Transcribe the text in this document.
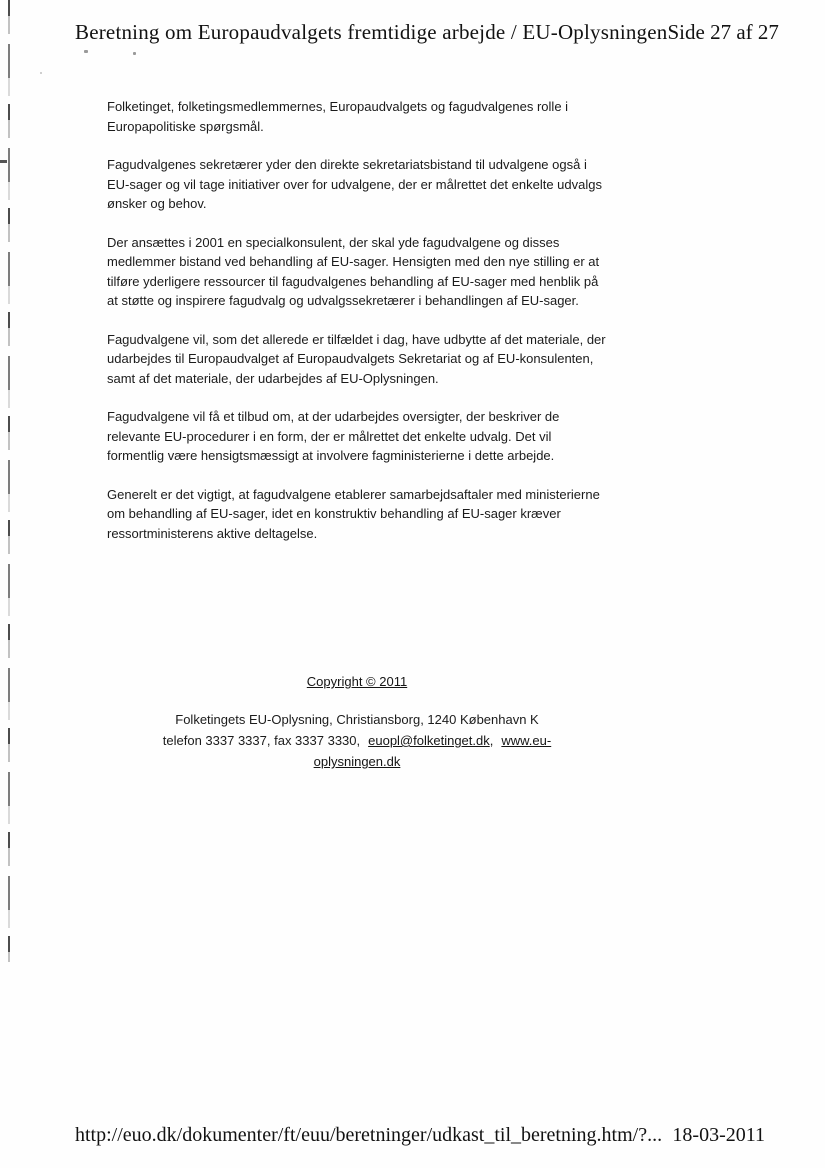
Beretning om Europaudvalgets fremtidige arbejde / EU-Oplysningen Side 27 af 27

Folketinget, folketingsmedlemmernes, Europaudvalgets og fagudvalgenes rolle i Europapolitiske spørgsmål.

Fagudvalgenes sekretærer yder den direkte sekretariatsbistand til udvalgene også i EU-sager og vil tage initiativer over for udvalgene, der er målrettet det enkelte udvalgs ønsker og behov.

Der ansættes i 2001 en specialkonsulent, der skal yde fagudvalgene og disses medlemmer bistand ved behandling af EU-sager. Hensigten med den nye stilling er at tilføre yderligere ressourcer til fagudvalgenes behandling af EU-sager med henblik på at støtte og inspirere fagudvalg og udvalgssekretærer i behandlingen af EU-sager.

Fagudvalgene vil, som det allerede er tilfældet i dag, have udbytte af det materiale, der udarbejdes til Europaudvalget af Europaudvalgets Sekretariat og af EU-konsulenten, samt af det materiale, der udarbejdes af EU-Oplysningen.

Fagudvalgene vil få et tilbud om, at der udarbejdes oversigter, der beskriver de relevante EU-procedurer i en form, der er målrettet det enkelte udvalg. Det vil formentlig være hensigtsmæssigt at involvere fagministerierne i dette arbejde.

Generelt er det vigtigt, at fagudvalgene etablerer samarbejdsaftaler med ministerierne om behandling af EU-sager, idet en konstruktiv behandling af EU-sager kræver ressortministerens aktive deltagelse.

Copyright © 2011
Folketingets EU-Oplysning, Christiansborg, 1240 København K
telefon 3337 3337, fax 3337 3330, euopl@folketinget.dk, www.eu-
oplysningen.dk
http://euo.dk/dokumenter/ft/euu/beretninger/udkast_til_beretning.htm/?... 18-03-2011
